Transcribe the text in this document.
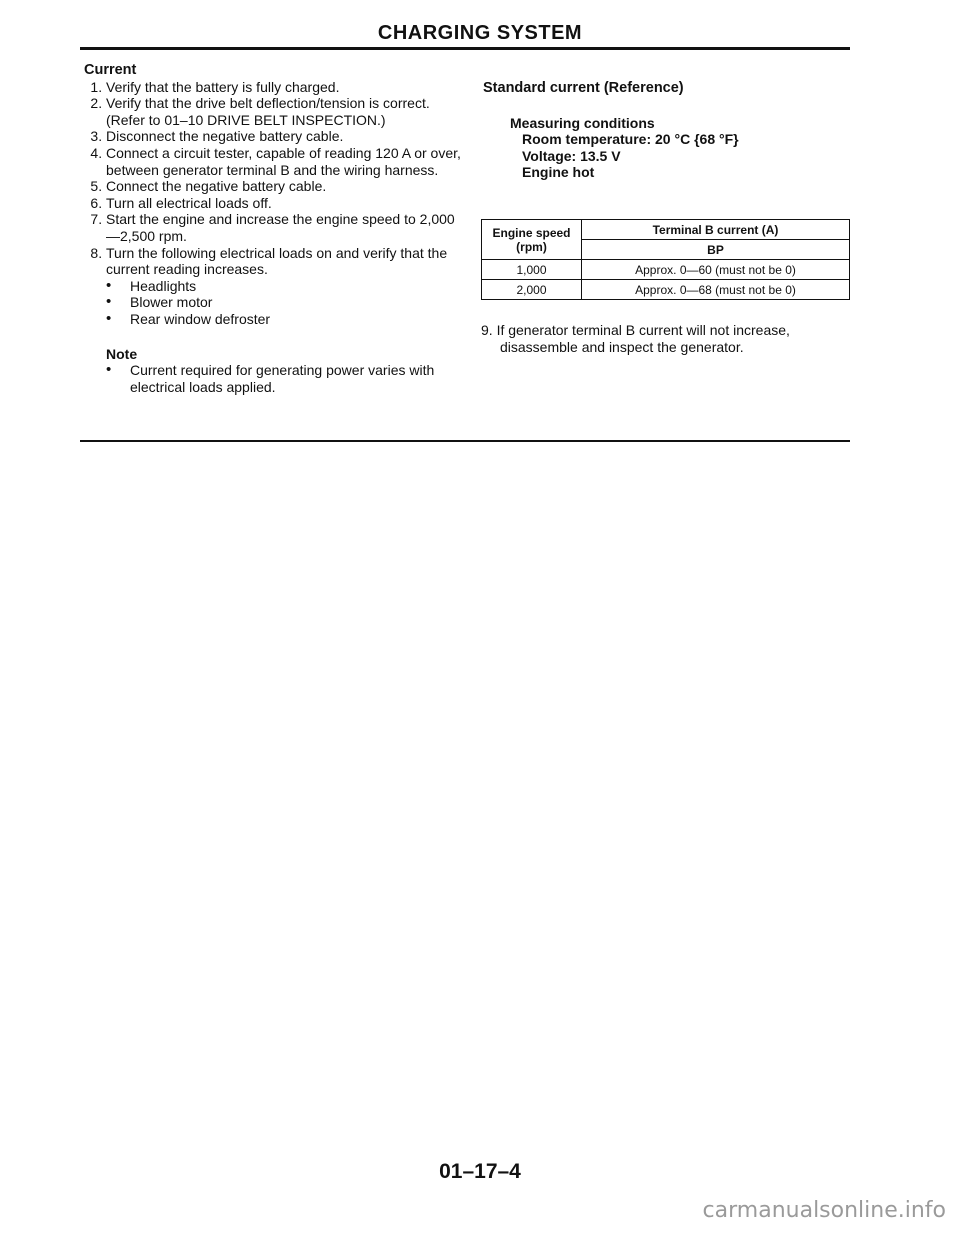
CHARGING SYSTEM
Current
1. Verify that the battery is fully charged.
2. Verify that the drive belt deflection/tension is correct. (Refer to 01–10 DRIVE BELT INSPECTION.)
3. Disconnect the negative battery cable.
4. Connect a circuit tester, capable of reading 120 A or over, between generator terminal B and the wiring harness.
5. Connect the negative battery cable.
6. Turn all electrical loads off.
7. Start the engine and increase the engine speed to 2,000—2,500 rpm.
8. Turn the following electrical loads on and verify that the current reading increases.
• Headlights
• Blower motor
• Rear window defroster
Note
• Current required for generating power varies with electrical loads applied.
Standard current (Reference)
Measuring conditions
Room temperature: 20 °C {68 °F}
Voltage: 13.5 V
Engine hot
Engine speed (rpm)	Terminal B current (A)
	BP
1,000	Approx. 0—60 (must not be 0)
2,000	Approx. 0—68 (must not be 0)
9. If generator terminal B current will not increase,
disassemble and inspect the generator.
01–17–4
carmanualsonline.info
